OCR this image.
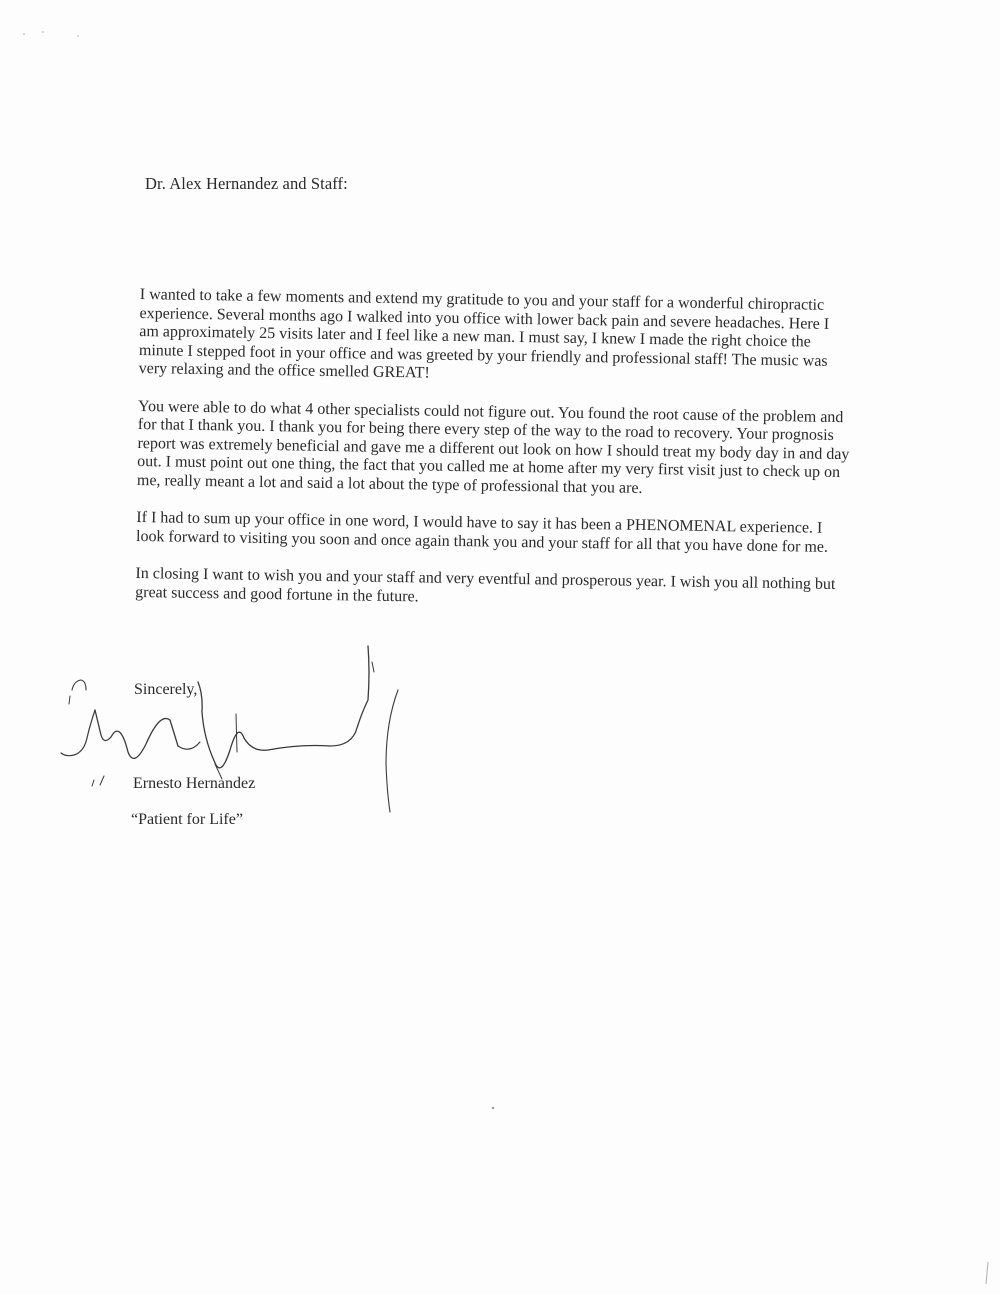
Dr. Alex Hernandez and Staff:

I wanted to take a few moments and extend my gratitude to you and your staff for a wonderful chiropractic experience. Several months ago I walked into you office with lower back pain and severe headaches. Here I am approximately 25 visits later and I feel like a new man. I must say, I knew I made the right choice the minute I stepped foot in your office and was greeted by your friendly and professional staff! The music was very relaxing and the office smelled GREAT!

You were able to do what 4 other specialists could not figure out. You found the root cause of the problem and for that I thank you. I thank you for being there every step of the way to the road to recovery. Your prognosis report was extremely beneficial and gave me a different out look on how I should treat my body day in and day out. I must point out one thing, the fact that you called me at home after my very first visit just to check up on me, really meant a lot and said a lot about the type of professional that you are.

If I had to sum up your office in one word, I would have to say it has been a PHENOMENAL experience. I look forward to visiting you soon and once again thank you and your staff for all that you have done for me.

In closing I want to wish you and your staff and very eventful and prosperous year. I wish you all nothing but great success and good fortune in the future.

Sincerely,
Ernesto Hernandez
“Patient for Life”
